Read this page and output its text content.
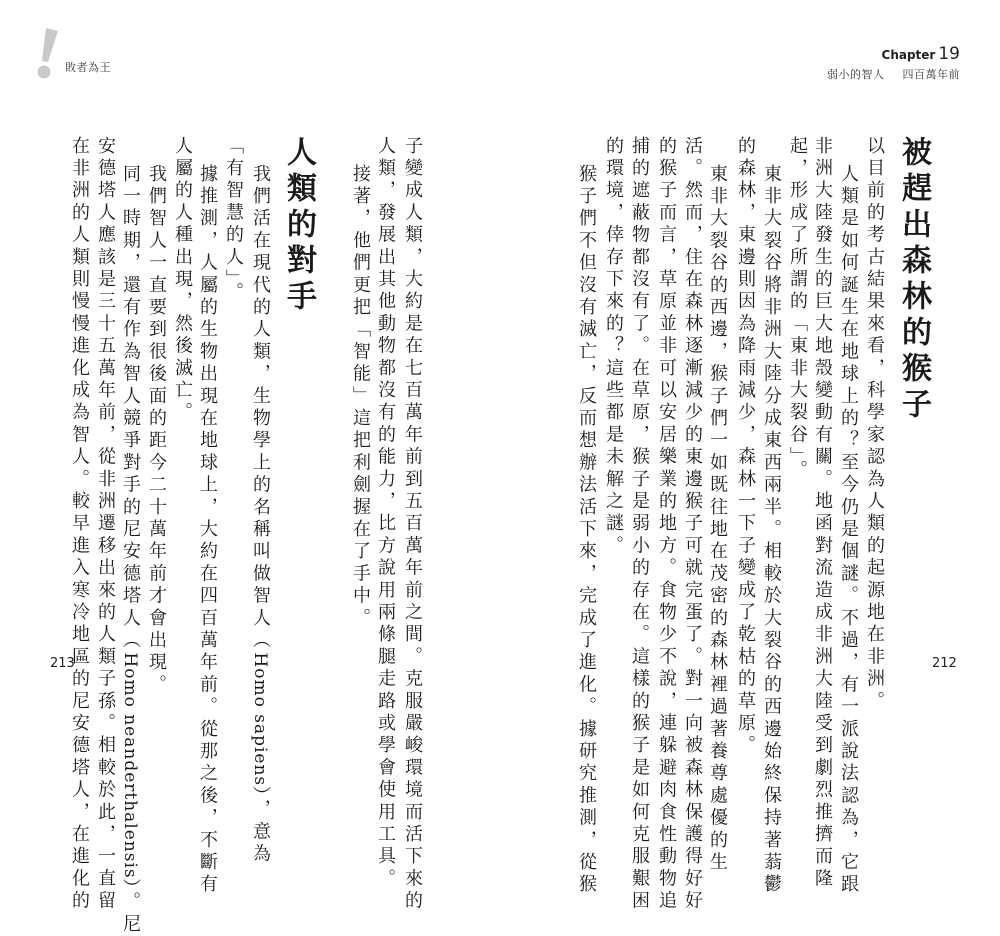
敗者為王
子變成人類，大約是在七百萬年前到五百萬年前之間。克服嚴峻環境而活下來的
人類，發展出其他動物都沒有的能力，比方說用兩條腿走路或學會使用工具。
接著，他們更把「智能」這把利劍握在了手中。
人類的對手
我們活在現代的人類，生物學上的名稱叫做智人（Homo sapiens），意為
「有智慧的人」。
據推測，人屬的生物出現在地球上，大約在四百萬年前。從那之後，不斷有
人屬的人種出現，然後滅亡。
我們智人一直要到很後面的距今二十萬年前才會出現。
同一時期，還有作為智人競爭對手的尼安德塔人（Homo neanderthalensis）。尼
安德塔人應該是三十五萬年前，從非洲遷移出來的人類子孫。相較於此，一直留
在非洲的人類則慢慢進化成為智人。較早進入寒冷地區的尼安德塔人，在進化的
213
Chapter 19
弱小的智人 四百萬年前
被趕出森林的猴子
以目前的考古結果來看，科學家認為人類的起源地在非洲。
人類是如何誕生在地球上的？至今仍是個謎。不過，有一派說法認為，它跟
非洲大陸發生的巨大地殼變動有關。地函對流造成非洲大陸受到劇烈推擠而隆
起，形成了所謂的「東非大裂谷」。
東非大裂谷將非洲大陸分成東西兩半。相較於大裂谷的西邊始終保持著蓊鬱
的森林，東邊則因為降雨減少，森林一下子變成了乾枯的草原。
東非大裂谷的西邊，猴子們一如既往地在茂密的森林裡過著養尊處優的生
活。然而，住在森林逐漸減少的東邊猴子可就完蛋了。對一向被森林保護得好好
的猴子而言，草原並非可以安居樂業的地方。食物少不說，連躲避肉食性動物追
捕的遮蔽物都沒有了。在草原，猴子是弱小的存在。這樣的猴子是如何克服艱困
的環境，倖存下來的？這些都是未解之謎。
猴子們不但沒有滅亡，反而想辦法活下來，完成了進化。據研究推測，從猴	212
